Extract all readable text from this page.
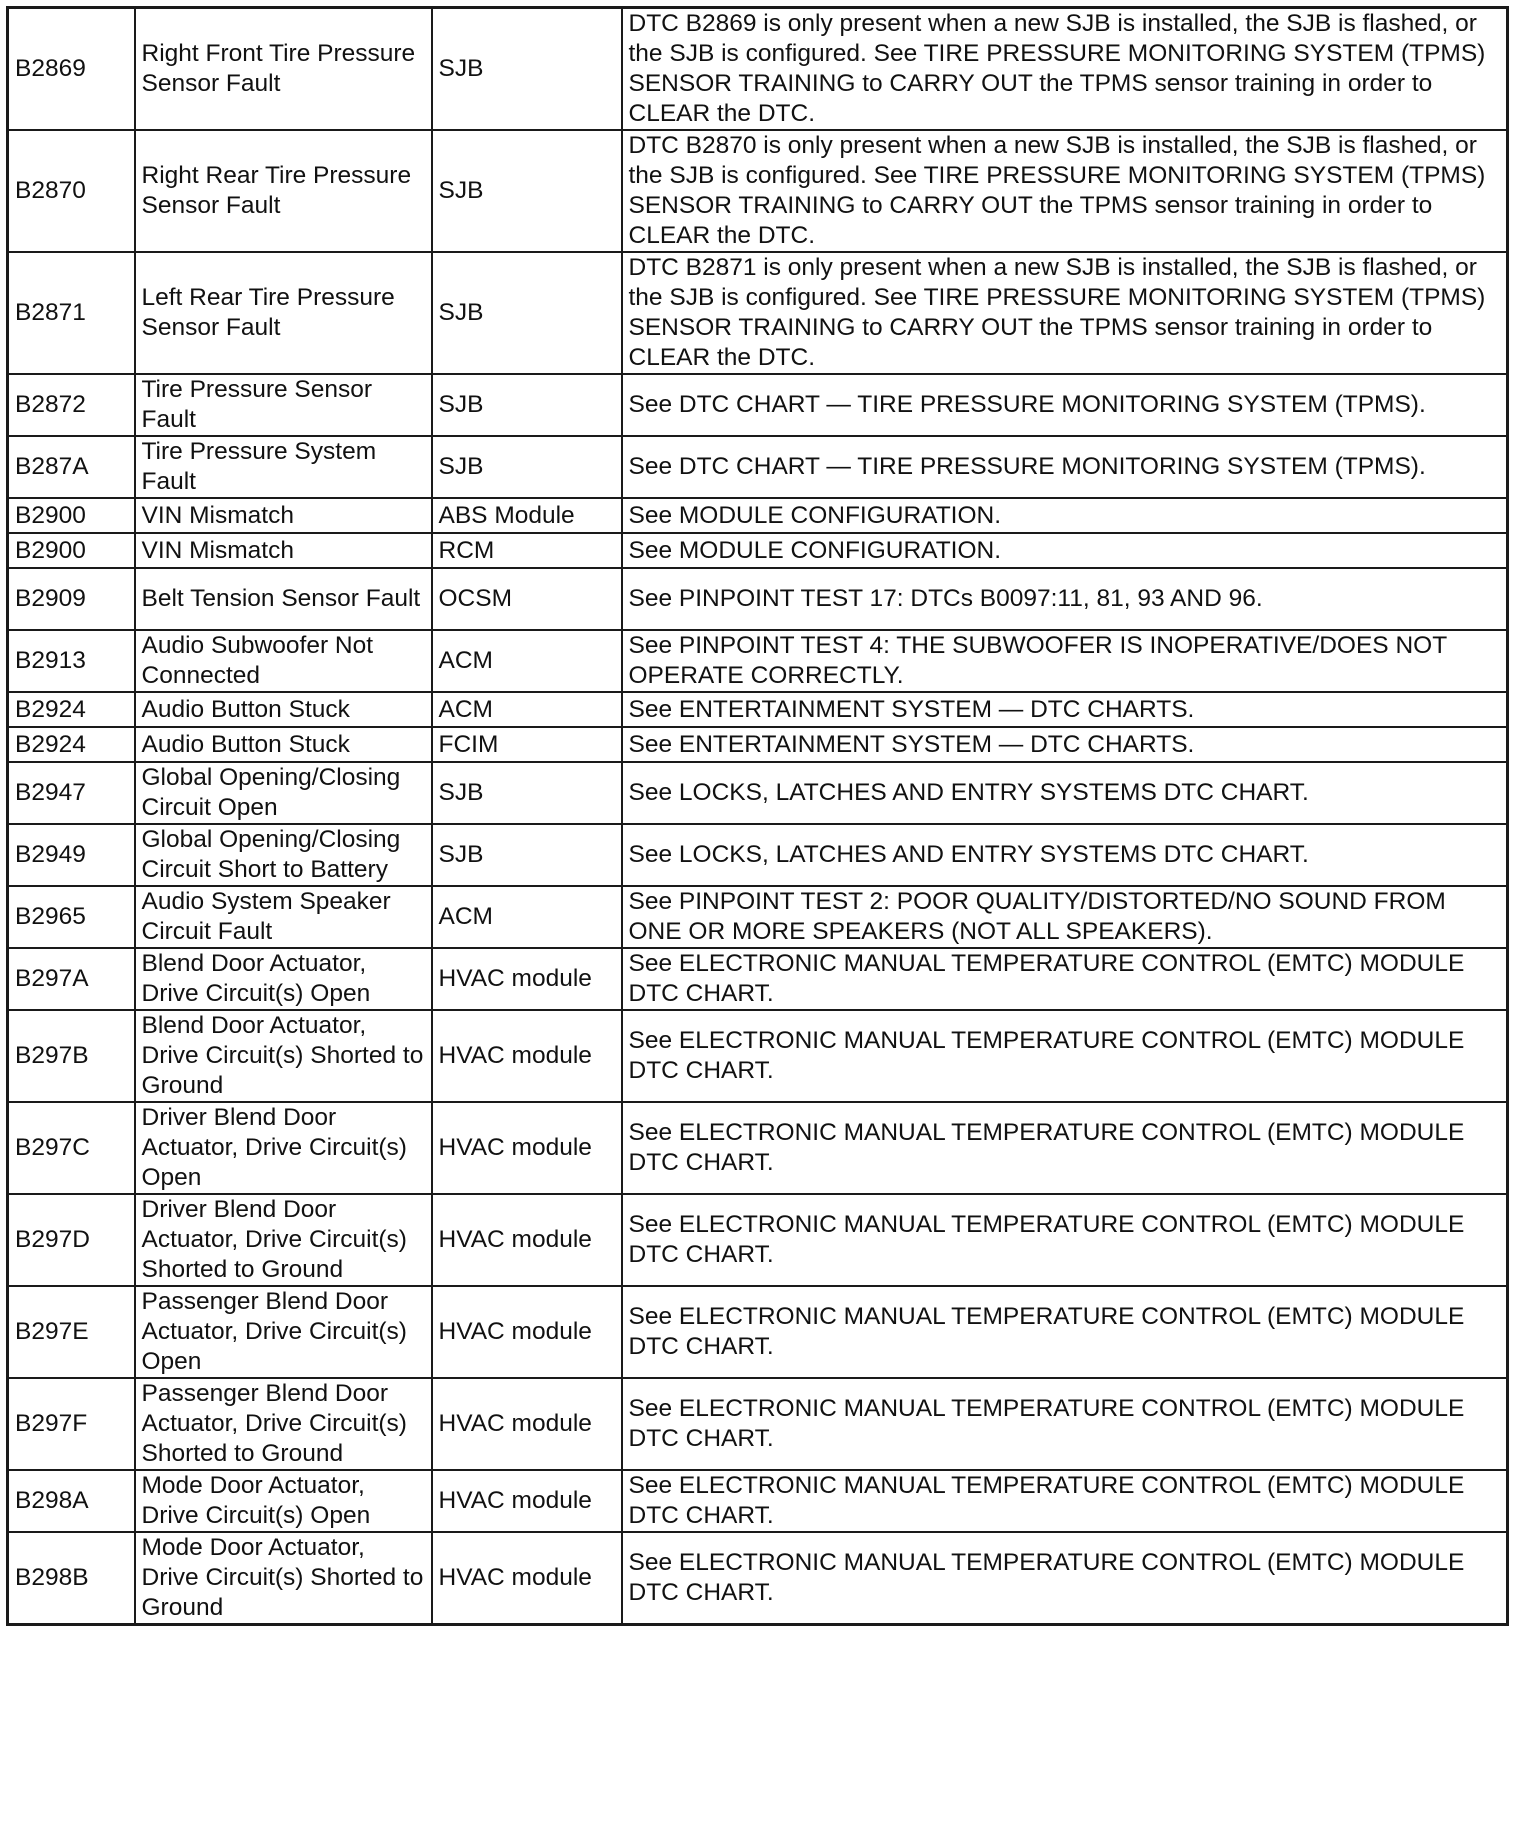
B2869	Right Front Tire Pressure Sensor Fault	SJB	DTC B2869 is only present when a new SJB is installed, the SJB is flashed, or the SJB is configured. See TIRE PRESSURE MONITORING SYSTEM (TPMS) SENSOR TRAINING to CARRY OUT the TPMS sensor training in order to CLEAR the DTC.
B2870	Right Rear Tire Pressure Sensor Fault	SJB	DTC B2870 is only present when a new SJB is installed, the SJB is flashed, or the SJB is configured. See TIRE PRESSURE MONITORING SYSTEM (TPMS) SENSOR TRAINING to CARRY OUT the TPMS sensor training in order to CLEAR the DTC.
B2871	Left Rear Tire Pressure Sensor Fault	SJB	DTC B2871 is only present when a new SJB is installed, the SJB is flashed, or the SJB is configured. See TIRE PRESSURE MONITORING SYSTEM (TPMS) SENSOR TRAINING to CARRY OUT the TPMS sensor training in order to CLEAR the DTC.
B2872	Tire Pressure Sensor Fault	SJB	See DTC CHART — TIRE PRESSURE MONITORING SYSTEM (TPMS).
B287A	Tire Pressure System Fault	SJB	See DTC CHART — TIRE PRESSURE MONITORING SYSTEM (TPMS).
B2900	VIN Mismatch	ABS Module	See MODULE CONFIGURATION.
B2900	VIN Mismatch	RCM	See MODULE CONFIGURATION.
B2909	Belt Tension Sensor Fault	OCSM	See PINPOINT TEST 17: DTCs B0097:11, 81, 93 AND 96.
B2913	Audio Subwoofer Not Connected	ACM	See PINPOINT TEST 4: THE SUBWOOFER IS INOPERATIVE/DOES NOT OPERATE CORRECTLY.
B2924	Audio Button Stuck	ACM	See ENTERTAINMENT SYSTEM — DTC CHARTS.
B2924	Audio Button Stuck	FCIM	See ENTERTAINMENT SYSTEM — DTC CHARTS.
B2947	Global Opening/Closing Circuit Open	SJB	See LOCKS, LATCHES AND ENTRY SYSTEMS DTC CHART.
B2949	Global Opening/Closing Circuit Short to Battery	SJB	See LOCKS, LATCHES AND ENTRY SYSTEMS DTC CHART.
B2965	Audio System Speaker Circuit Fault	ACM	See PINPOINT TEST 2: POOR QUALITY/DISTORTED/NO SOUND FROM ONE OR MORE SPEAKERS (NOT ALL SPEAKERS).
B297A	Blend Door Actuator, Drive Circuit(s) Open	HVAC module	See ELECTRONIC MANUAL TEMPERATURE CONTROL (EMTC) MODULE DTC CHART.
B297B	Blend Door Actuator, Drive Circuit(s) Shorted to Ground	HVAC module	See ELECTRONIC MANUAL TEMPERATURE CONTROL (EMTC) MODULE DTC CHART.
B297C	Driver Blend Door Actuator, Drive Circuit(s) Open	HVAC module	See ELECTRONIC MANUAL TEMPERATURE CONTROL (EMTC) MODULE DTC CHART.
B297D	Driver Blend Door Actuator, Drive Circuit(s) Shorted to Ground	HVAC module	See ELECTRONIC MANUAL TEMPERATURE CONTROL (EMTC) MODULE DTC CHART.
B297E	Passenger Blend Door Actuator, Drive Circuit(s) Open	HVAC module	See ELECTRONIC MANUAL TEMPERATURE CONTROL (EMTC) MODULE DTC CHART.
B297F	Passenger Blend Door Actuator, Drive Circuit(s) Shorted to Ground	HVAC module	See ELECTRONIC MANUAL TEMPERATURE CONTROL (EMTC) MODULE DTC CHART.
B298A	Mode Door Actuator, Drive Circuit(s) Open	HVAC module	See ELECTRONIC MANUAL TEMPERATURE CONTROL (EMTC) MODULE DTC CHART.
B298B	Mode Door Actuator, Drive Circuit(s) Shorted to Ground	HVAC module	See ELECTRONIC MANUAL TEMPERATURE CONTROL (EMTC) MODULE DTC CHART.
